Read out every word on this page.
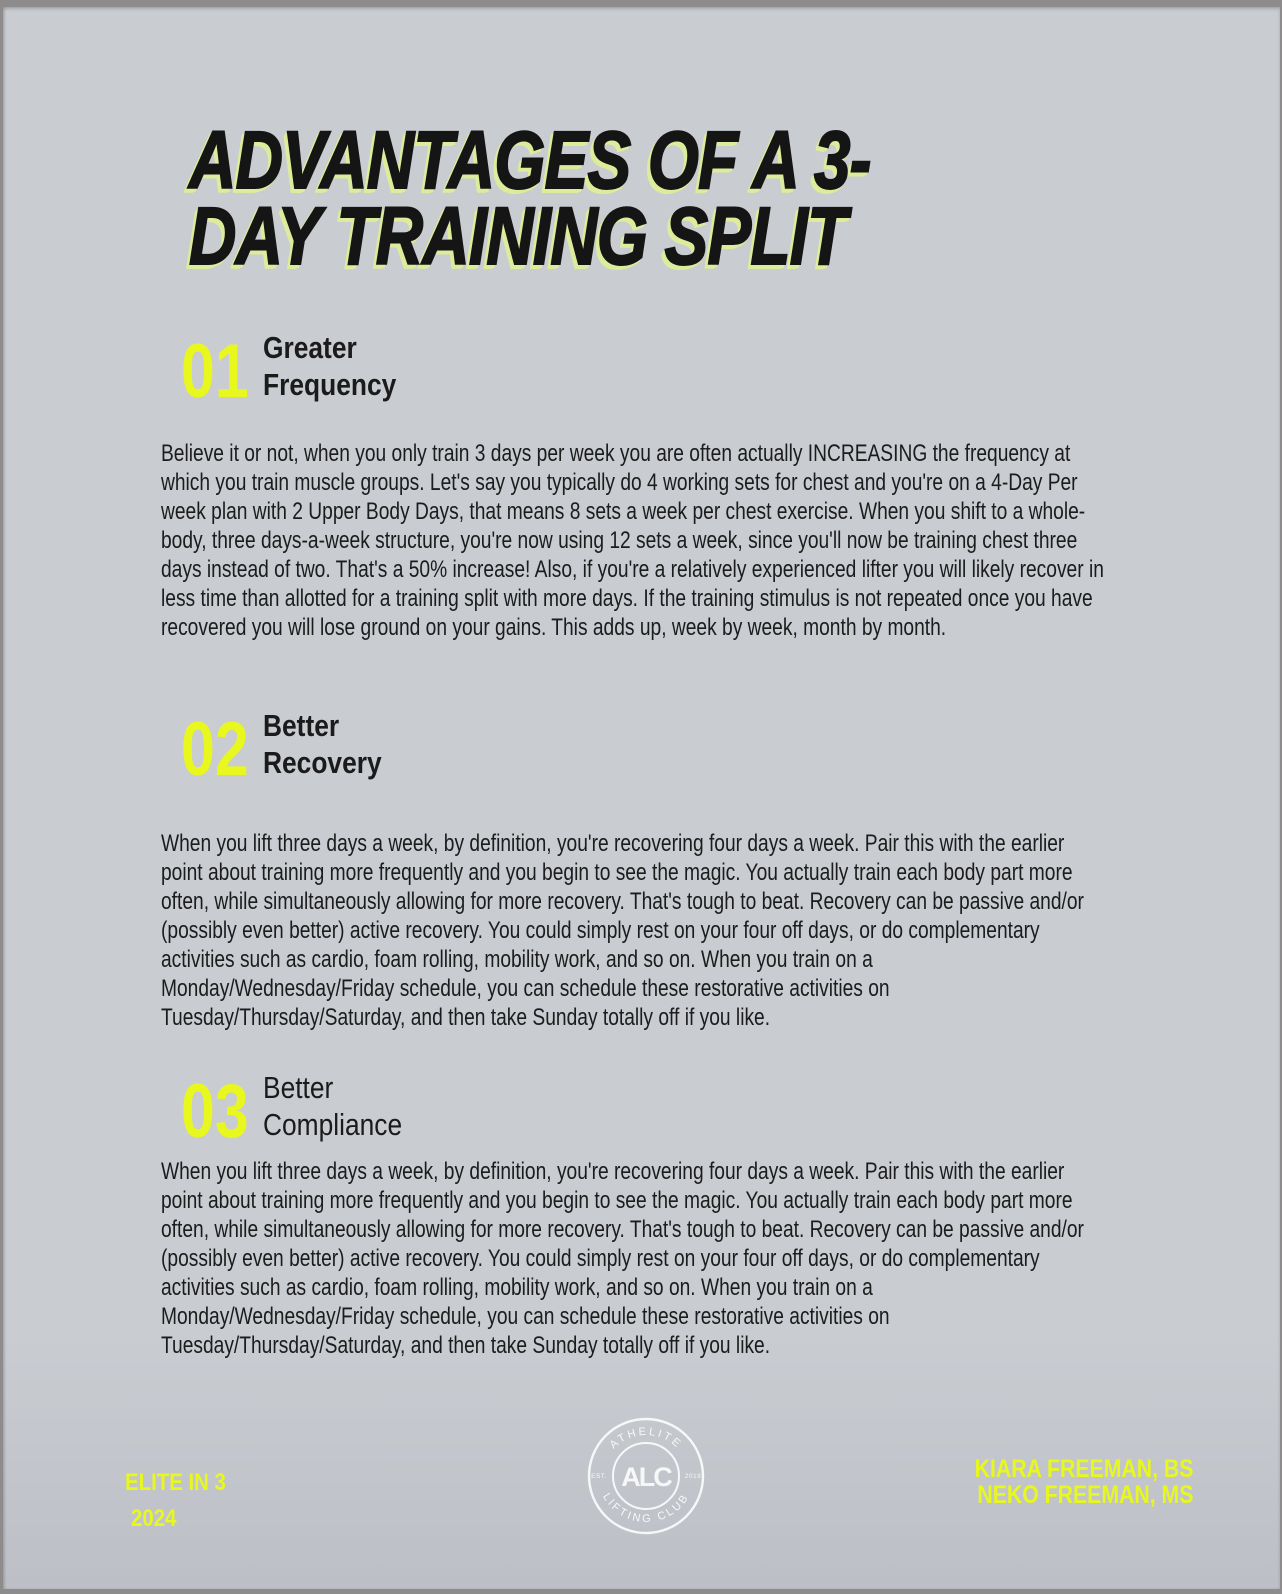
ADVANTAGES OF A 3-
DAY TRAINING SPLIT
01 Greater
Frequency

Believe it or not, when you only train 3 days per week you are often actually INCREASING the frequency at which you train muscle groups. Let's say you typically do 4 working sets for chest and you're on a 4-Day Per week plan with 2 Upper Body Days, that means 8 sets a week per chest exercise. When you shift to a whole-body, three days-a-week structure, you're now using 12 sets a week, since you'll now be training chest three days instead of two. That's a 50% increase! Also, if you're a relatively experienced lifter you will likely recover in less time than allotted for a training split with more days. If the training stimulus is not repeated once you have recovered you will lose ground on your gains. This adds up, week by week, month by month.

02 Better
Recovery

When you lift three days a week, by definition, you're recovering four days a week. Pair this with the earlier point about training more frequently and you begin to see the magic. You actually train each body part more often, while simultaneously allowing for more recovery. That's tough to beat. Recovery can be passive and/or (possibly even better) active recovery. You could simply rest on your four off days, or do complementary activities such as cardio, foam rolling, mobility work, and so on. When you train on a Monday/Wednesday/Friday schedule, you can schedule these restorative activities on Tuesday/Thursday/Saturday, and then take Sunday totally off if you like.

03 Better
Compliance

When you lift three days a week, by definition, you're recovering four days a week. Pair this with the earlier point about training more frequently and you begin to see the magic. You actually train each body part more often, while simultaneously allowing for more recovery. That's tough to beat. Recovery can be passive and/or (possibly even better) active recovery. You could simply rest on your four off days, or do complementary activities such as cardio, foam rolling, mobility work, and so on. When you train on a Monday/Wednesday/Friday schedule, you can schedule these restorative activities on Tuesday/Thursday/Saturday, and then take Sunday totally off if you like.

ELITE IN 3

2024

KIARA FREEMAN, BS
NEKO FREEMAN, MS

ATHELITE
LIFTING CLUB
EST.	2019
ALC
